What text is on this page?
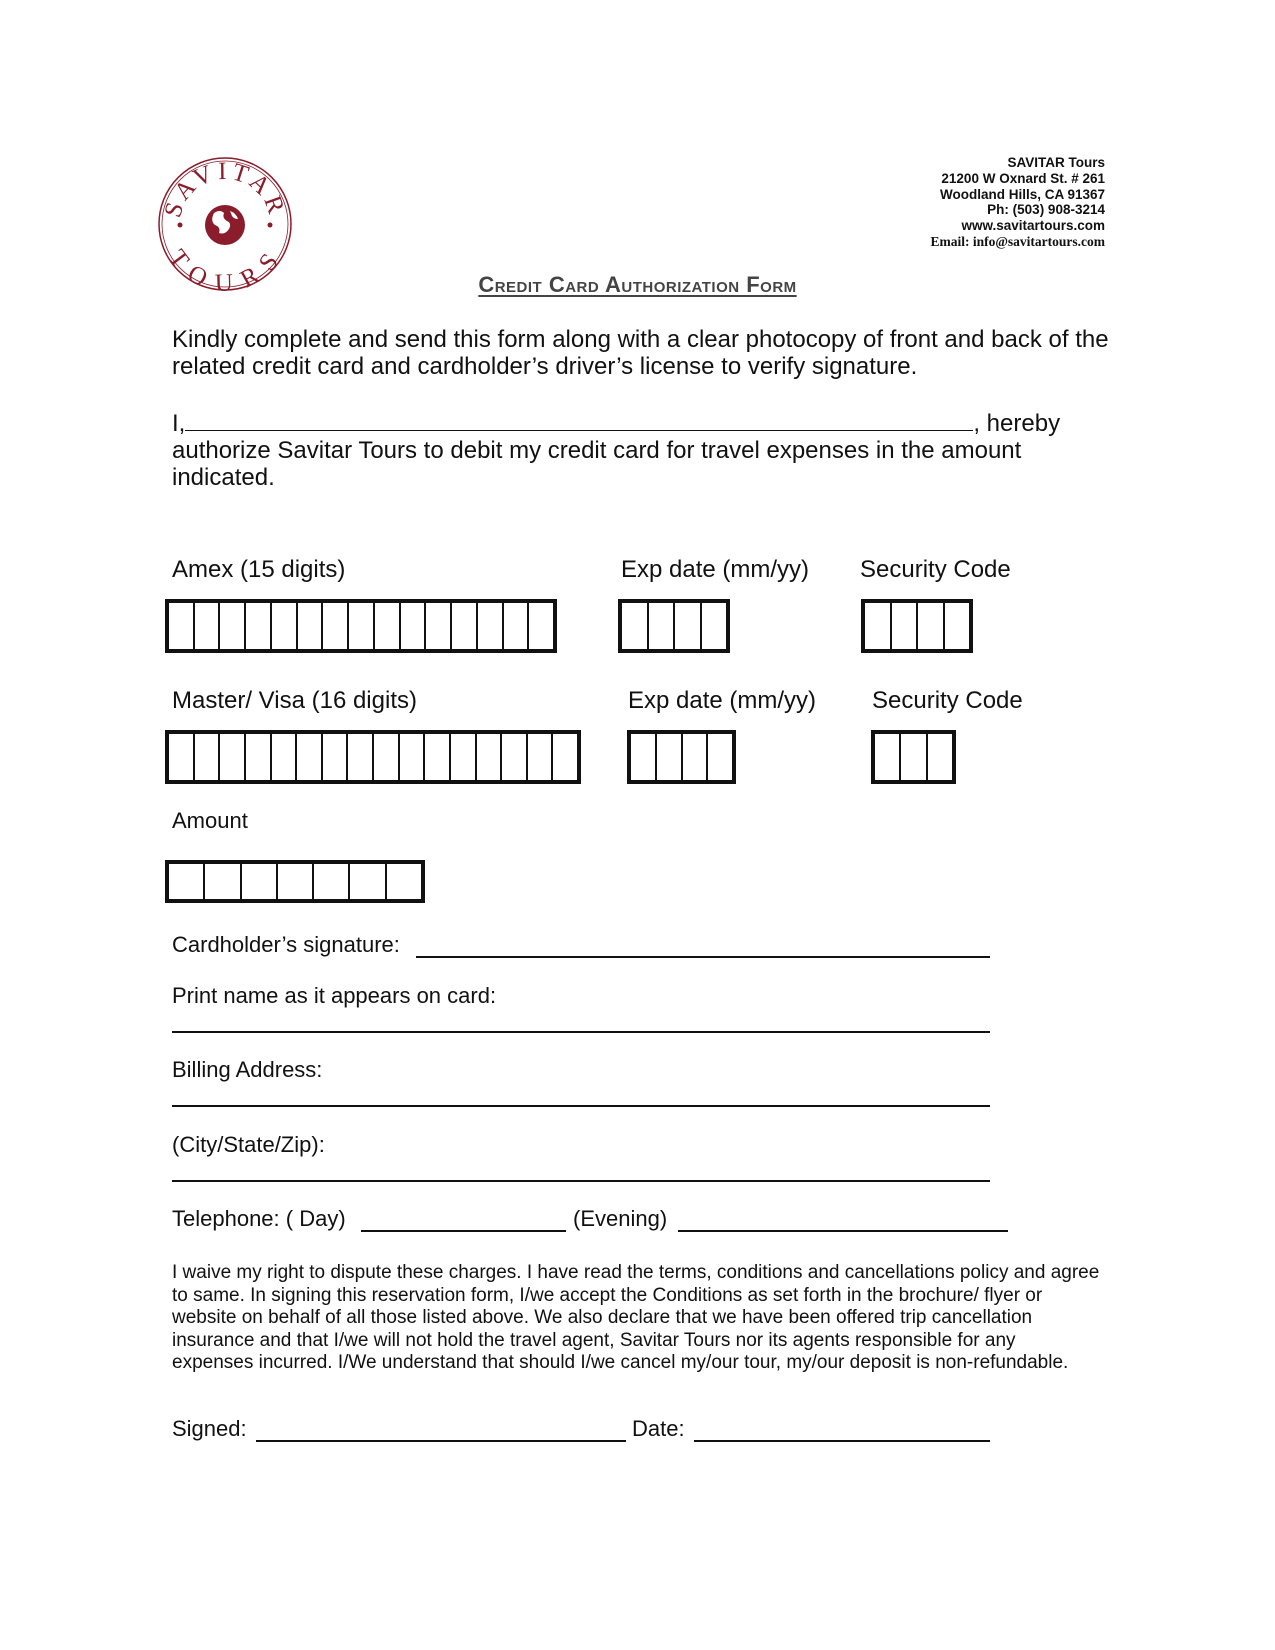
SAVITAR
TOURS
SAVITAR Tours
21200 W Oxnard St. # 261
Woodland Hills, CA 91367
Ph: (503) 908-3214
www.savitartours.com
Email: info@savitartours.com
Credit Card Authorization Form
Kindly complete and send this form along with a clear photocopy of front and back of the related credit card and cardholder’s driver’s license to verify signature.
I,	, hereby
authorize Savitar Tours to debit my credit card for travel expenses in the amount indicated.
Amex (15 digits)	Exp date (mm/yy) Security Code
Master/ Visa (16 digits)	Exp date (mm/yy) Security Code
Amount
Cardholder’s signature:
Print name as it appears on card:
Billing Address:
(City/State/Zip):
Telephone: ( Day)	(Evening)
I waive my right to dispute these charges. I have read the terms, conditions and cancellations policy and agree to same. In signing this reservation form, I/we accept the Conditions as set forth in the brochure/ flyer or website on behalf of all those listed above. We also declare that we have been offered trip cancellation insurance and that I/we will not hold the travel agent, Savitar Tours nor its agents responsible for any expenses incurred. I/We understand that should I/we cancel my/our tour, my/our deposit is non-refundable.
Signed:	Date:
